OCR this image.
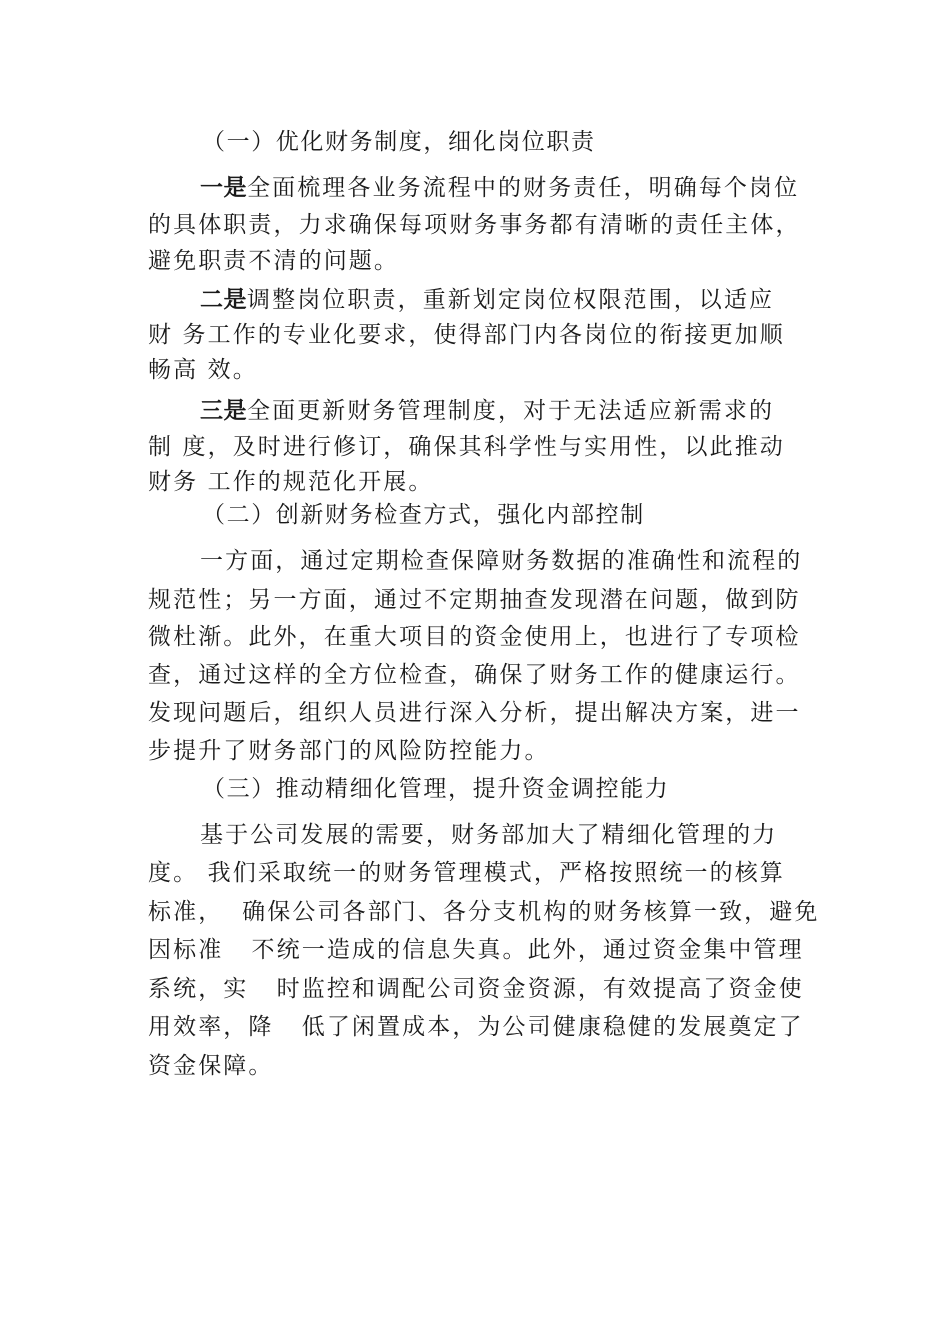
（一）优化财务制度，细化岗位职责
一是全面梳理各业务流程中的财务责任，明确每个岗位
的具体职责，力求确保每项财务事务都有清晰的责任主体，
避免职责不清的问题。
二是调整岗位职责，重新划定岗位权限范围，以适应
财 务工作的专业化要求，使得部门内各岗位的衔接更加顺
畅高 效。
三是全面更新财务管理制度，对于无法适应新需求的
制 度，及时进行修订，确保其科学性与实用性，以此推动
财务 工作的规范化开展。
（二）创新财务检查方式，强化内部控制
一方面，通过定期检查保障财务数据的准确性和流程的
规范性；另一方面，通过不定期抽查发现潜在问题，做到防
微杜渐。此外，在重大项目的资金使用上，也进行了专项检
查，通过这样的全方位检查，确保了财务工作的健康运行。
发现问题后，组织人员进行深入分析，提出解决方案，进一
步提升了财务部门的风险防控能力。
（三）推动精细化管理，提升资金调控能力
基于公司发展的需要，财务部加大了精细化管理的力
度。 我们采取统一的财务管理模式，严格按照统一的核算
标准，  确保公司各部门、各分支机构的财务核算一致，避免
因标准   不统一造成的信息失真。此外，通过资金集中管理
系统，实   时监控和调配公司资金资源，有效提高了资金使
用效率，降   低了闲置成本，为公司健康稳健的发展奠定了
资金保障。
